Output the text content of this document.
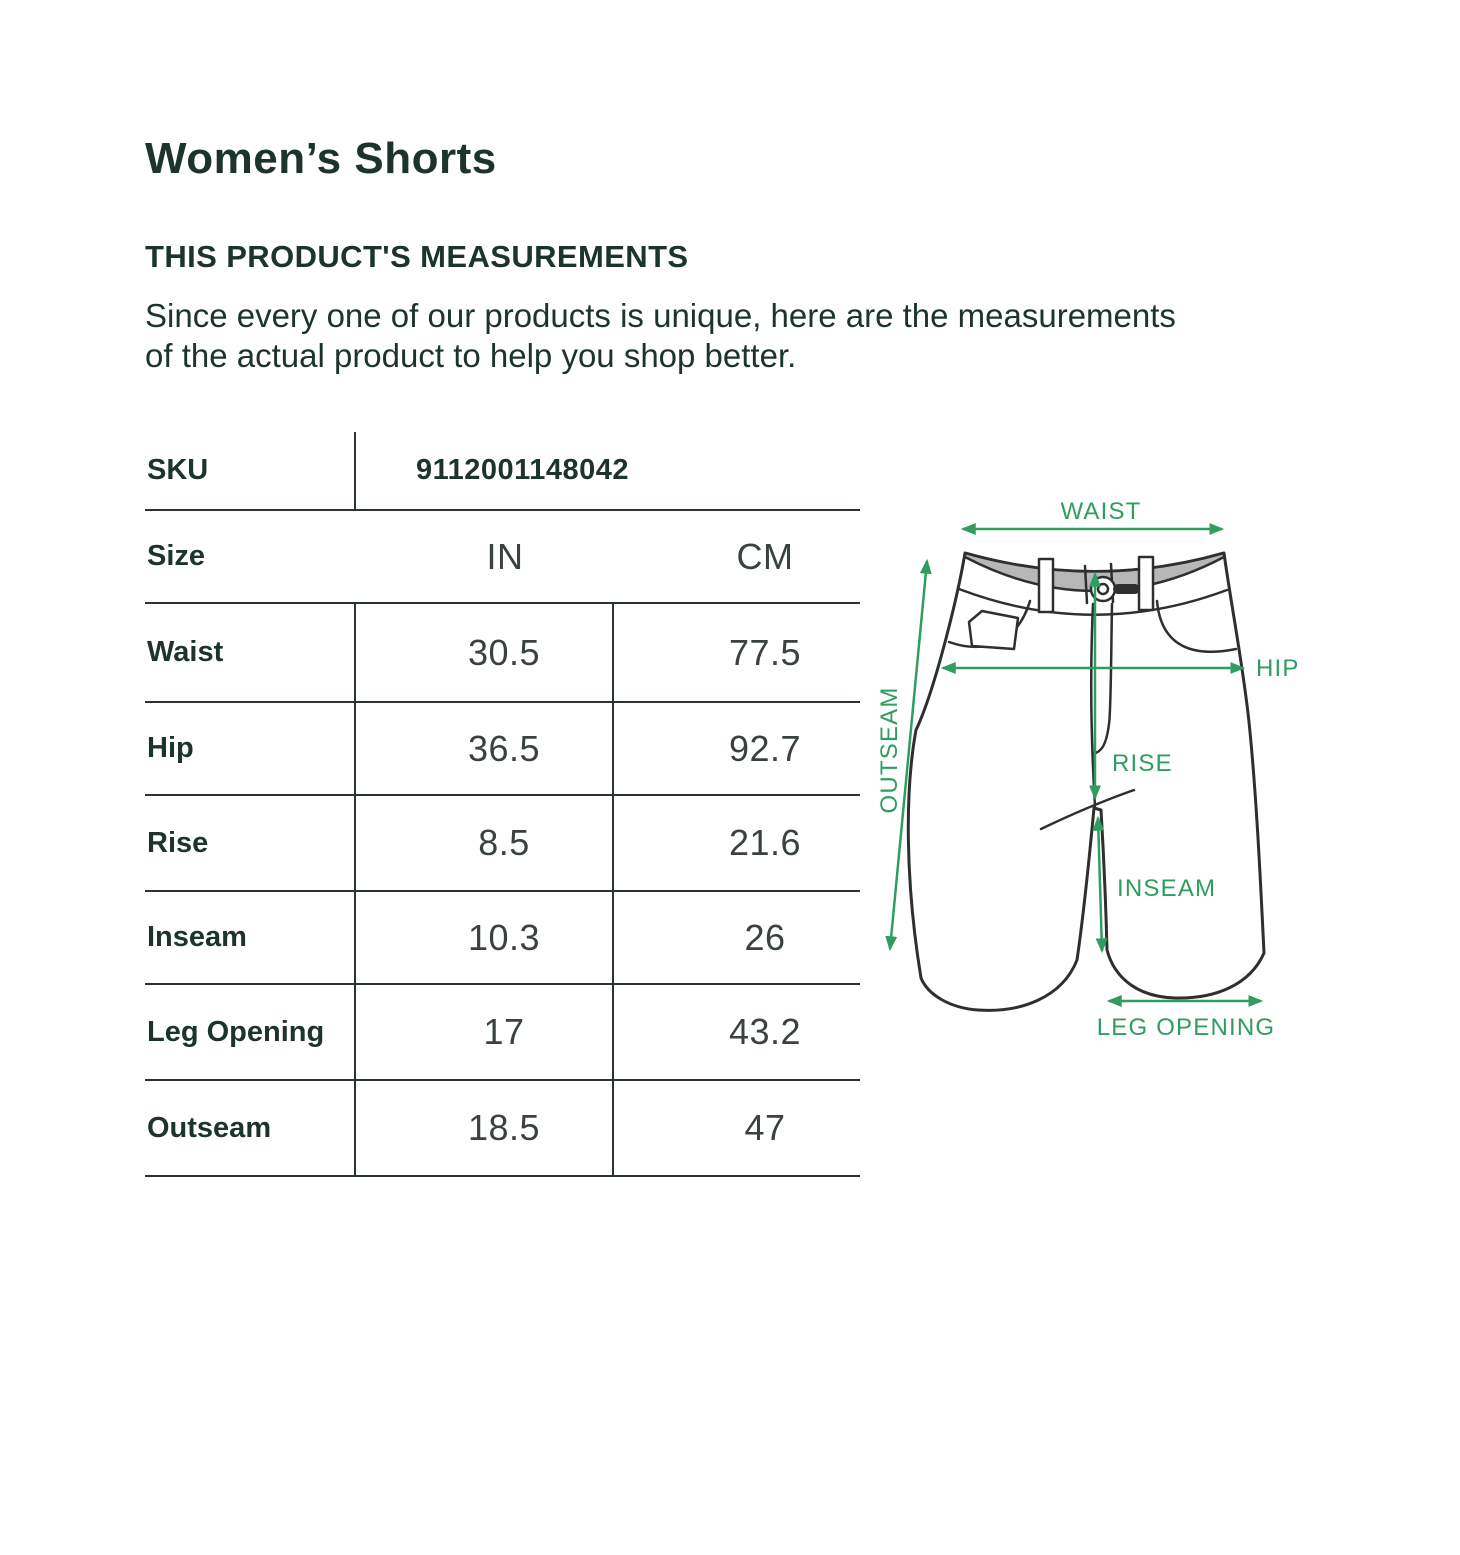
Women’s Shorts
THIS PRODUCT'S MEASUREMENTS

Since every one of our products is unique, here are the measurements
of the actual product to help you shop better.

SKU	9112001148042
Size	IN	CM
Waist	30.5	77.5
Hip	36.5	92.7
Rise	8.5	21.6
Inseam	10.3	26
Leg Opening	17	43.2
Outseam	18.5	47
WAIST
HIP
OUTSEAM	RISE
INSEAM
LEG OPENING
